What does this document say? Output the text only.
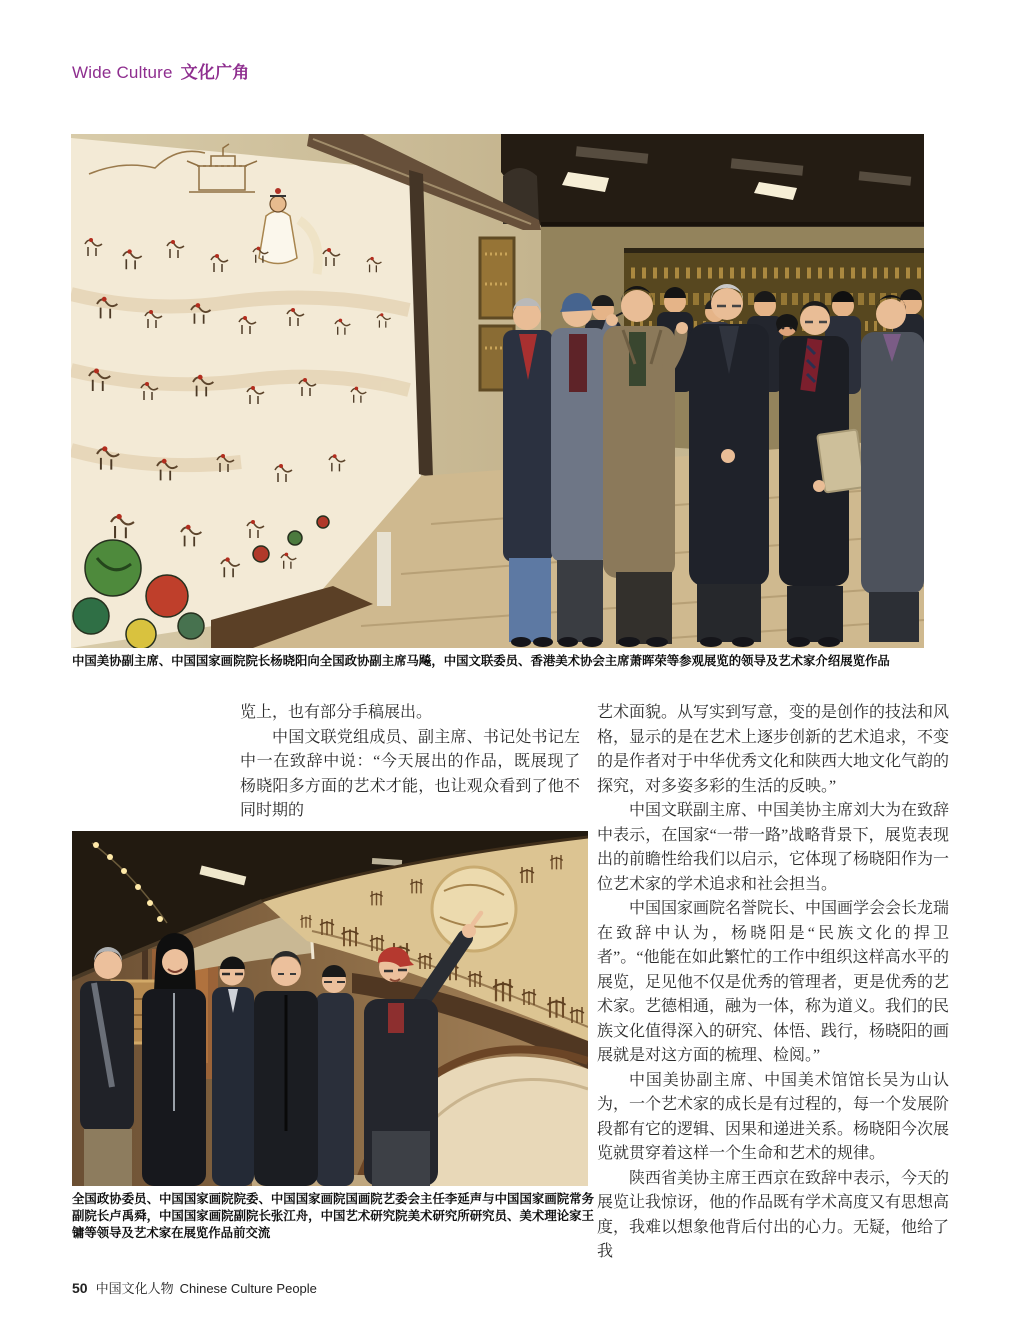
Wide Culture 文化广角
中国美协副主席、中国国家画院院长杨晓阳向全国政协副主席马飚，中国文联委员、香港美术协会主席萧晖荣等参观展览的领导及艺术家介绍展览作品

览上，也有部分手稿展出。

中国文联党组成员、副主席、书记处书记左中一在致辞中说：“今天展出的作品，既展现了杨晓阳多方面的艺术才能，也让观众看到了他不同时期的

艺术面貌。从写实到写意，变的是创作的技法和风格，显示的是在艺术上逐步创新的艺术追求，不变的是作者对于中华优秀文化和陕西大地文化气韵的探究，对多姿多彩的生活的反映。”

中国文联副主席、中国美协主席刘大为在致辞中表示，在国家“一带一路”战略背景下，展览表现出的前瞻性给我们以启示，它体现了杨晓阳作为一位艺术家的学术追求和社会担当。

中国国家画院名誉院长、中国画学会会长龙瑞在致辞中认为，杨晓阳是“民族文化的捍卫者”。“他能在如此繁忙的工作中组织这样高水平的展览，足见他不仅是优秀的管理者，更是优秀的艺术家。艺德相通，融为一体，称为道义。我们的民族文化值得深入的研究、体悟、践行，杨晓阳的画展就是对这方面的梳理、检阅。”

中国美协副主席、中国美术馆馆长吴为山认为，一个艺术家的成长是有过程的，每一个发展阶段都有它的逻辑、因果和递进关系。杨晓阳今次展览就贯穿着这样一个生命和艺术的规律。

陕西省美协主席王西京在致辞中表示，今天的展览让我惊讶，他的作品既有学术高度又有思想高度，我难以想象他背后付出的心力。无疑，他给了我

全国政协委员、中国国家画院院委、中国国家画院国画院艺委会主任李延声与中国国家画院常务副院长卢禹舜，中国国家画院副院长张江舟，中国艺术研究院美术研究所研究员、美术理论家王镛等领导及艺术家在展览作品前交流
50 中国文化人物 Chinese Culture People
